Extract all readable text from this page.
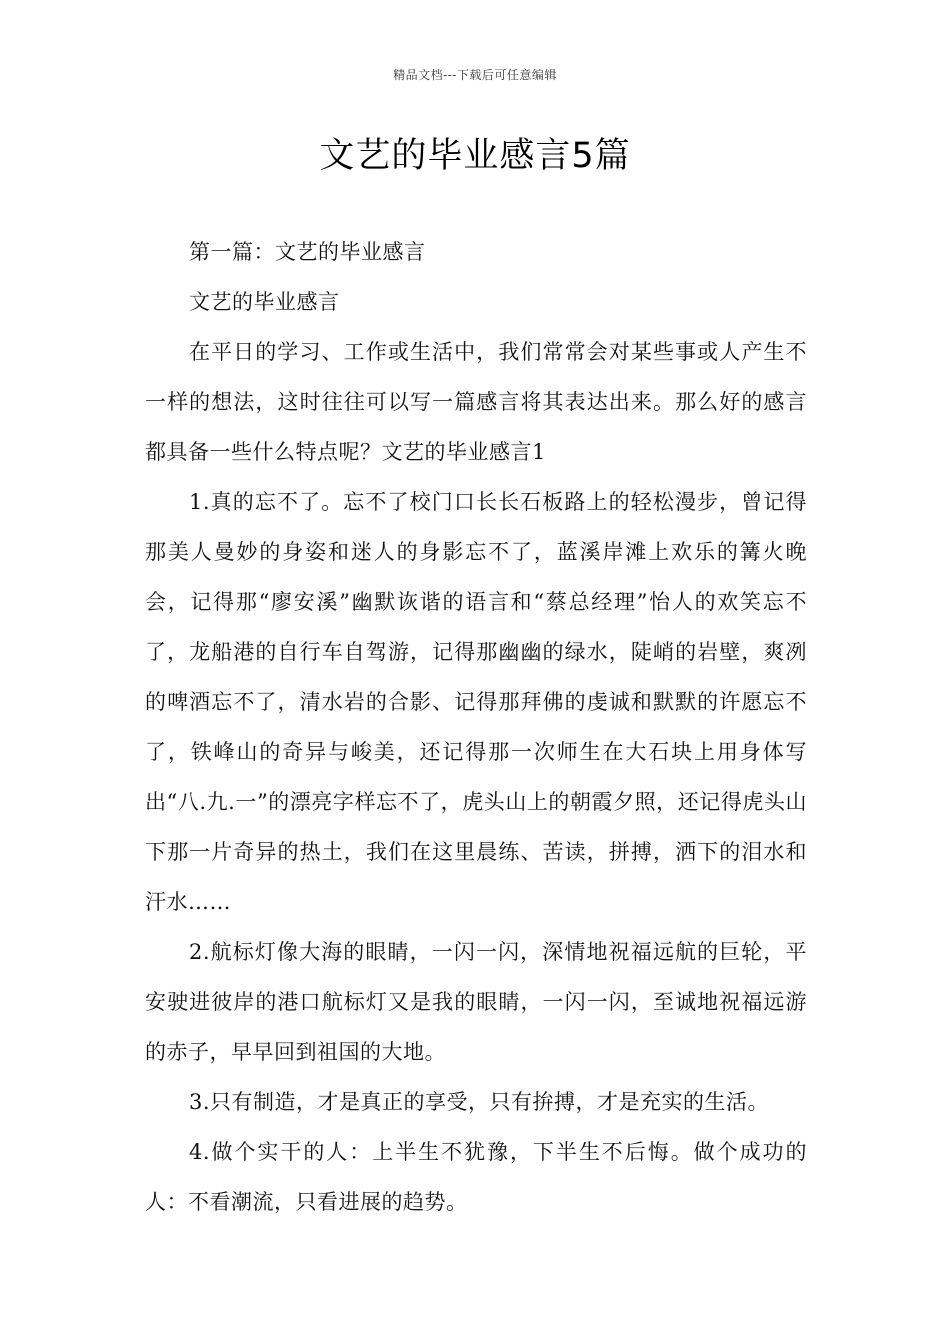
精品文档---下载后可任意编辑
文艺的毕业感言5篇

第一篇：文艺的毕业感言

文艺的毕业感言

在平日的学习、工作或生活中，我们常常会对某些事或人产生不一样的想法，这时往往可以写一篇感言将其表达出来。那么好的感言都具备一些什么特点呢？文艺的毕业感言1

1.真的忘不了。忘不了校门口长长石板路上的轻松漫步，曾记得那美人曼妙的身姿和迷人的身影忘不了，蓝溪岸滩上欢乐的篝火晚会，记得那“廖安溪”幽默诙谐的语言和“蔡总经理”怡人的欢笑忘不了，龙船港的自行车自驾游，记得那幽幽的绿水，陡峭的岩壁，爽冽的啤酒忘不了，清水岩的合影、记得那拜佛的虔诚和默默的许愿忘不了，铁峰山的奇异与峻美，还记得那一次师生在大石块上用身体写出“八.九.一”的漂亮字样忘不了，虎头山上的朝霞夕照，还记得虎头山下那一片奇异的热土，我们在这里晨练、苦读，拼搏，洒下的泪水和汗水……

2.航标灯像大海的眼睛，一闪一闪，深情地祝福远航的巨轮，平安驶进彼岸的港口航标灯又是我的眼睛，一闪一闪，至诚地祝福远游的赤子，早早回到祖国的大地。

3.只有制造，才是真正的享受，只有拚搏，才是充实的生活。

4.做个实干的人：上半生不犹豫，下半生不后悔。做个成功的人：不看潮流，只看进展的趋势。
